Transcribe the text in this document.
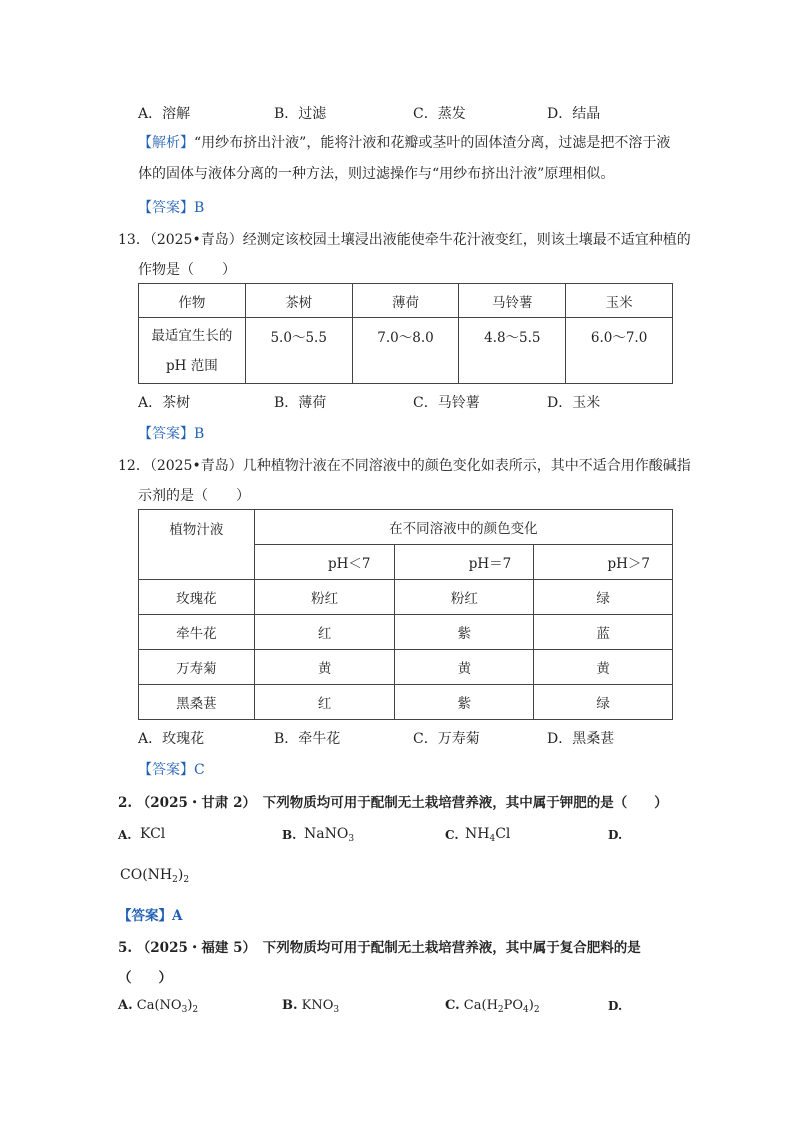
A．溶解	B．过滤	C．蒸发	D．结晶
【解析】“用纱布挤出汁液”，能将汁液和花瓣或茎叶的固体渣分离，过滤是把不溶于液体的固体与液体分离的一种方法，则过滤操作与“用纱布挤出汁液”原理相似。
【答案】B
13．（2025•青岛）经测定该校园土壤浸出液能使牵牛花汁液变红，则该土壤最不适宜种植的
作物是（　　）
作物	茶树	薄荷	马铃薯	玉米

最适宜生长的
pH 范围	5.0～5.5	7.0～8.0	4.8～5.5	6.0～7.0
A．茶树	B．薄荷	C．马铃薯	D．玉米
【答案】B
12．（2025•青岛）几种植物汁液在不同溶液中的颜色变化如表所示，其中不适合用作酸碱指
示剂的是（　　）
植物汁液	在不同溶液中的颜色变化		
	pH＜7	pH＝7	pH＞7
玫瑰花	粉红	粉红	绿
牵牛花	红	紫	蓝
万寿菊	黄	黄	黄
黑桑葚	红	紫	绿
A．玫瑰花	B．牵牛花	C．万寿菊	D．黑桑葚
【答案】C
2. （2025・甘肃 2）　下列物质均可用于配制无土栽培营养液，其中属于钾肥的是（　　）
A. KCl	B. NaNO$_3$	C. $NH_4Cl$	D.
$CO(NH_2)_2$
【答案】A
5. （2025・福建 5）　下列物质均可用于配制无土栽培营养液，其中属于复合肥料的是
（　　）
A. $Ca(NO_3)_2$	B. $KNO_3$	C. $Ca(H_2PO_4)_2$	D.
